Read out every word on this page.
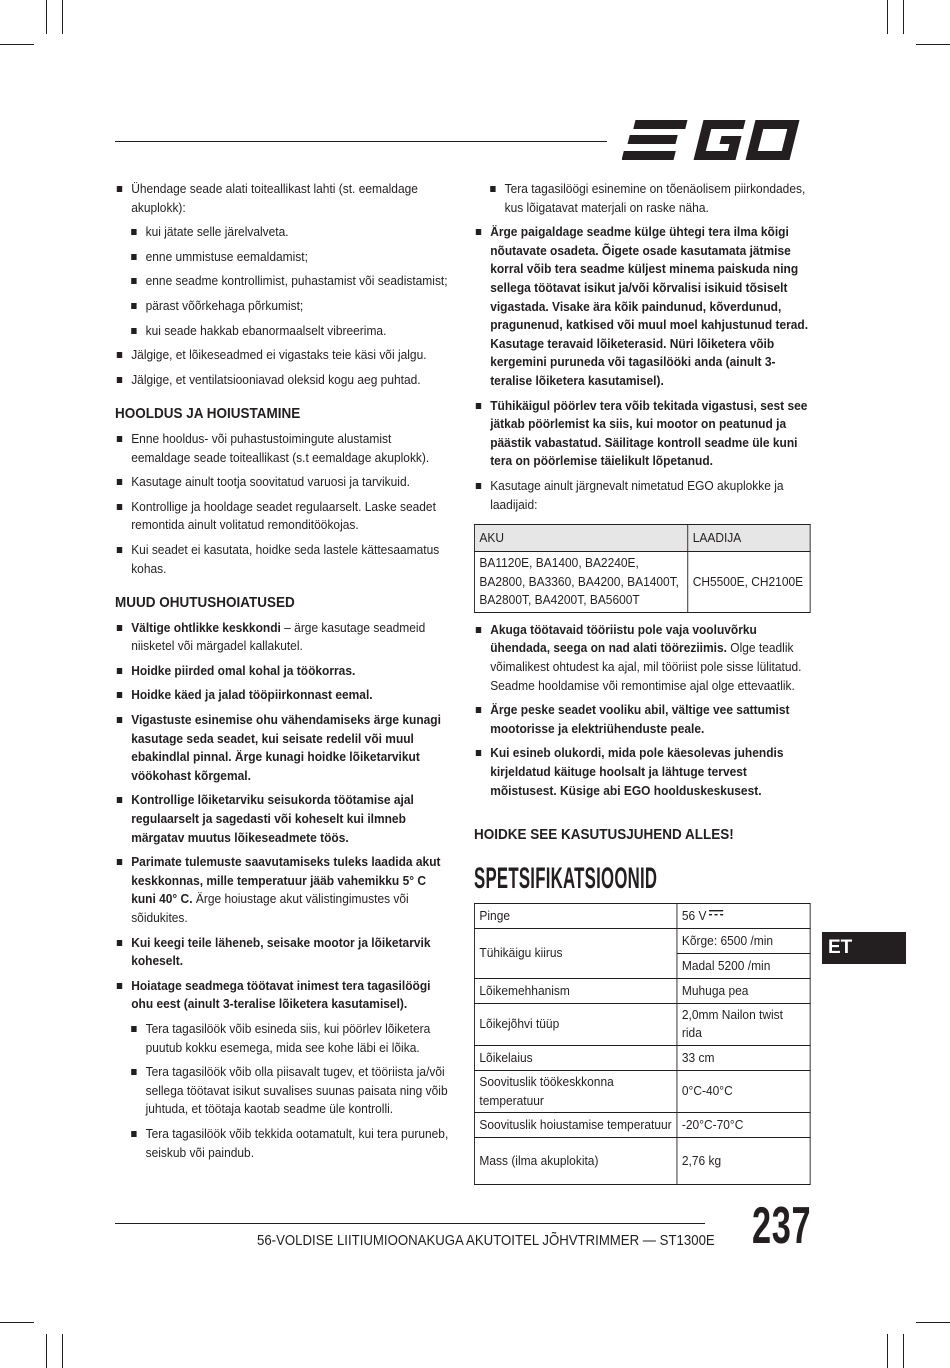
Ühendage seade alati toiteallikast lahti (st. eemaldage akuplokk):

kui jätate selle järelvalveta.

enne ummistuse eemaldamist;

enne seadme kontrollimist, puhastamist või seadistamist;

pärast võõrkehaga põrkumist;

kui seade hakkab ebanormaalselt vibreerima.

Jälgige, et lõikeseadmed ei vigastaks teie käsi või jalgu.

Jälgige, et ventilatsiooniavad oleksid kogu aeg puhtad.

HOOLDUS JA HOIUSTAMINE

Enne hooldus- või puhastustoimingute alustamist eemaldage seade toiteallikast (s.t eemaldage akuplokk).

Kasutage ainult tootja soovitatud varuosi ja tarvikuid.

Kontrollige ja hooldage seadet regulaarselt. Laske seadet remontida ainult volitatud remonditöökojas.

Kui seadet ei kasutata, hoidke seda lastele kättesaamatus kohas.

MUUD OHUTUSHOIATUSED

Vältige ohtlikke keskkondi – ärge kasutage seadmeid niisketel või märgadel kallakutel.

Hoidke piirded omal kohal ja töökorras.

Hoidke käed ja jalad tööpiirkonnast eemal.

Vigastuste esinemise ohu vähendamiseks ärge kunagi kasutage seda seadet, kui seisate redelil või muul ebakindlal pinnal. Ärge kunagi hoidke lõiketarvikut vöökohast kõrgemal.

Kontrollige lõiketarviku seisukorda töötamise ajal regulaarselt ja sagedasti või koheselt kui ilmneb märgatav muutus lõikeseadmete töös.

Parimate tulemuste saavutamiseks tuleks laadida akut keskkonnas, mille temperatuur jääb vahemikku 5° C kuni 40° C. Ärge hoiustage akut välistingimustes või sõidukites.

Kui keegi teile läheneb, seisake mootor ja lõiketarvik koheselt.

Hoiatage seadmega töötavat inimest tera tagasilöögi ohu eest (ainult 3-teralise lõiketera kasutamisel).

Tera tagasilöök võib esineda siis, kui pöörlev lõiketera puutub kokku esemega, mida see kohe läbi ei lõika.

Tera tagasilöök võib olla piisavalt tugev, et tööriista ja/või sellega töötavat isikut suvalises suunas paisata ning võib juhtuda, et töötaja kaotab seadme üle kontrolli.

Tera tagasilöök võib tekkida ootamatult, kui tera puruneb, seiskub või paindub.

Tera tagasilöögi esinemine on tõenäolisem piirkondades, kus lõigatavat materjali on raske näha.

Ärge paigaldage seadme külge ühtegi tera ilma kõigi nõutavate osadeta. Õigete osade kasutamata jätmise korral võib tera seadme küljest minema paiskuda ning sellega töötavat isikut ja/või kõrvalisi isikuid tõsiselt vigastada. Visake ära kõik paindunud, kõverdunud, pragunenud, katkised või muul moel kahjustunud terad. Kasutage teravaid lõiketerasid. Nüri lõiketera võib kergemini puruneda või tagasilööki anda (ainult 3-teralise lõiketera kasutamisel).

Tühikäigul pöörlev tera võib tekitada vigastusi, sest see jätkab pöörlemist ka siis, kui mootor on peatunud ja päästik vabastatud. Säilitage kontroll seadme üle kuni tera on pöörlemise täielikult lõpetanud.

Kasutage ainult järgnevalt nimetatud EGO akuplokke ja laadijaid:

AKU	LAADIJA
BA1120E, BA1400, BA2240E, BA2800, BA3360, BA4200, BA1400T, BA2800T, BA4200T, BA5600T	CH5500E, CH2100E

Akuga töötavaid tööriistu pole vaja vooluvõrku ühendada, seega on nad alati tööreziimis. Olge teadlik võimalikest ohtudest ka ajal, mil tööriist pole sisse lülitatud. Seadme hooldamise või remontimise ajal olge ettevaatlik.

Ärge peske seadet vooliku abil, vältige vee sattumist mootorisse ja elektriühenduste peale.

Kui esineb olukordi, mida pole käesolevas juhendis kirjeldatud käituge hoolsalt ja lähtuge tervest mõistusest. Küsige abi EGO hoolduskeskusest.

HOIDKE SEE KASUTUSJUHEND ALLES!
SPETSIFIKATSIOONID
Pinge	56 V
Tühikäigu kiirus	Kõrge: 6500 /min
	Madal 5200 /min
Lõikemehhanism	Muhuga pea
Lõikejõhvi tüüp	2,0mm Nailon twist rida
Lõikelaius	33 cm
Soovituslik töökeskkonna temperatuur	0°C-40°C
Soovituslik hoiustamise temperatuur	-20°C-70°C
Mass (ilma akuplokita)	2,76 kg
ET
56-VOLDISE LIITIUMIOONAKUGA AKUTOITEL JÕHVTRIMMER — ST1300E 237
